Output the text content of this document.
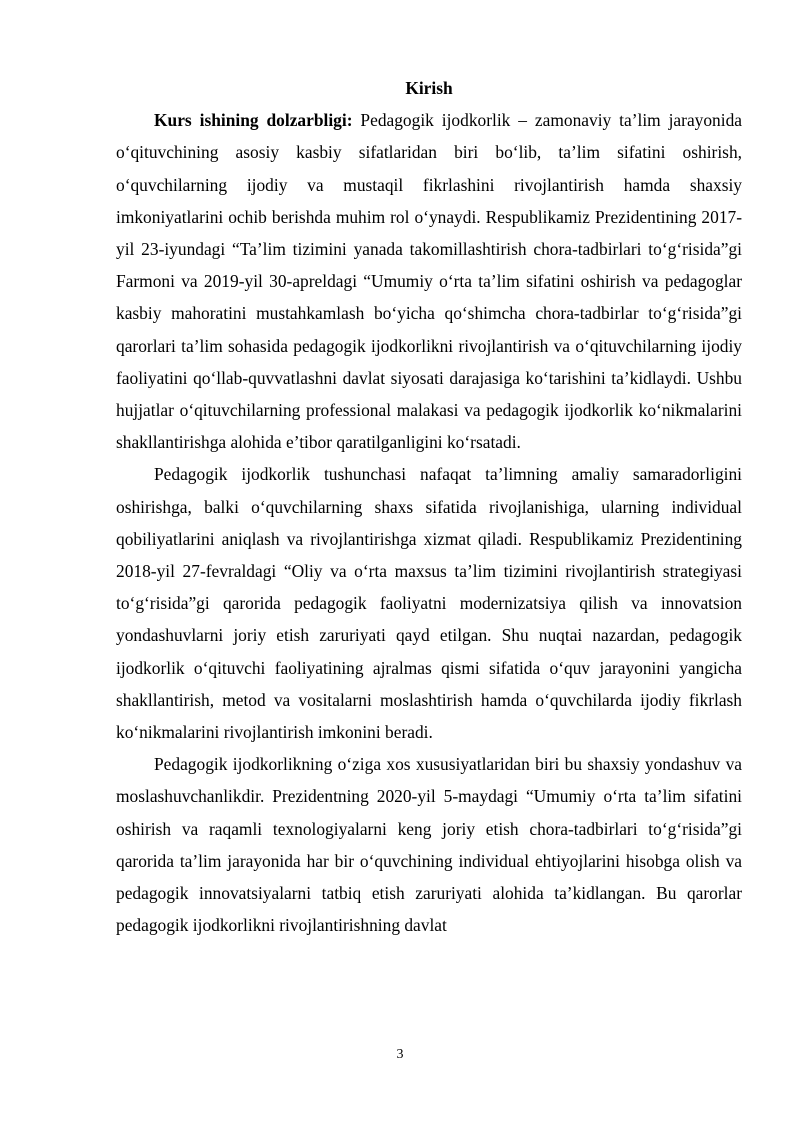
Kirish

Kurs ishining dolzarbligi: Pedagogik ijodkorlik – zamonaviy ta’lim jarayonida o‘qituvchining asosiy kasbiy sifatlaridan biri bo‘lib, ta’lim sifatini oshirish, o‘quvchilarning ijodiy va mustaqil fikrlashini rivojlantirish hamda shaxsiy imkoniyatlarini ochib berishda muhim rol o‘ynaydi. Respublikamiz Prezidentining 2017-yil 23-iyundagi “Ta’lim tizimini yanada takomillashtirish chora-tadbirlari to‘g‘risida”gi Farmoni va 2019-yil 30-apreldagi “Umumiy o‘rta ta’lim sifatini oshirish va pedagoglar kasbiy mahoratini mustahkamlash bo‘yicha qo‘shimcha chora-tadbirlar to‘g‘risida”gi qarorlari ta’lim sohasida pedagogik ijodkorlikni rivojlantirish va o‘qituvchilarning ijodiy faoliyatini qo‘llab-quvvatlashni davlat siyosati darajasiga ko‘tarishini ta’kidlaydi. Ushbu hujjatlar o‘qituvchilarning professional malakasi va pedagogik ijodkorlik ko‘nikmalarini shakllantirishga alohida e’tibor qaratilganligini ko‘rsatadi.

Pedagogik ijodkorlik tushunchasi nafaqat ta’limning amaliy samaradorligini oshirishga, balki o‘quvchilarning shaxs sifatida rivojlanishiga, ularning individual qobiliyatlarini aniqlash va rivojlantirishga xizmat qiladi. Respublikamiz Prezidentining 2018-yil 27-fevraldagi “Oliy va o‘rta maxsus ta’lim tizimini rivojlantirish strategiyasi to‘g‘risida”gi qarorida pedagogik faoliyatni modernizatsiya qilish va innovatsion yondashuvlarni joriy etish zaruriyati qayd etilgan. Shu nuqtai nazardan, pedagogik ijodkorlik o‘qituvchi faoliyatining ajralmas qismi sifatida o‘quv jarayonini yangicha shakllantirish, metod va vositalarni moslashtirish hamda o‘quvchilarda ijodiy fikrlash ko‘nikmalarini rivojlantirish imkonini beradi.

Pedagogik ijodkorlikning o‘ziga xos xususiyatlaridan biri bu shaxsiy yondashuv va moslashuvchanlikdir. Prezidentning 2020-yil 5-maydagi “Umumiy o‘rta ta’lim sifatini oshirish va raqamli texnologiyalarni keng joriy etish chora-tadbirlari to‘g‘risida”gi qarorida ta’lim jarayonida har bir o‘quvchining individual ehtiyojlarini hisobga olish va pedagogik innovatsiyalarni tatbiq etish zaruriyati alohida ta’kidlangan. Bu qarorlar pedagogik ijodkorlikni rivojlantirishning davlat

3
